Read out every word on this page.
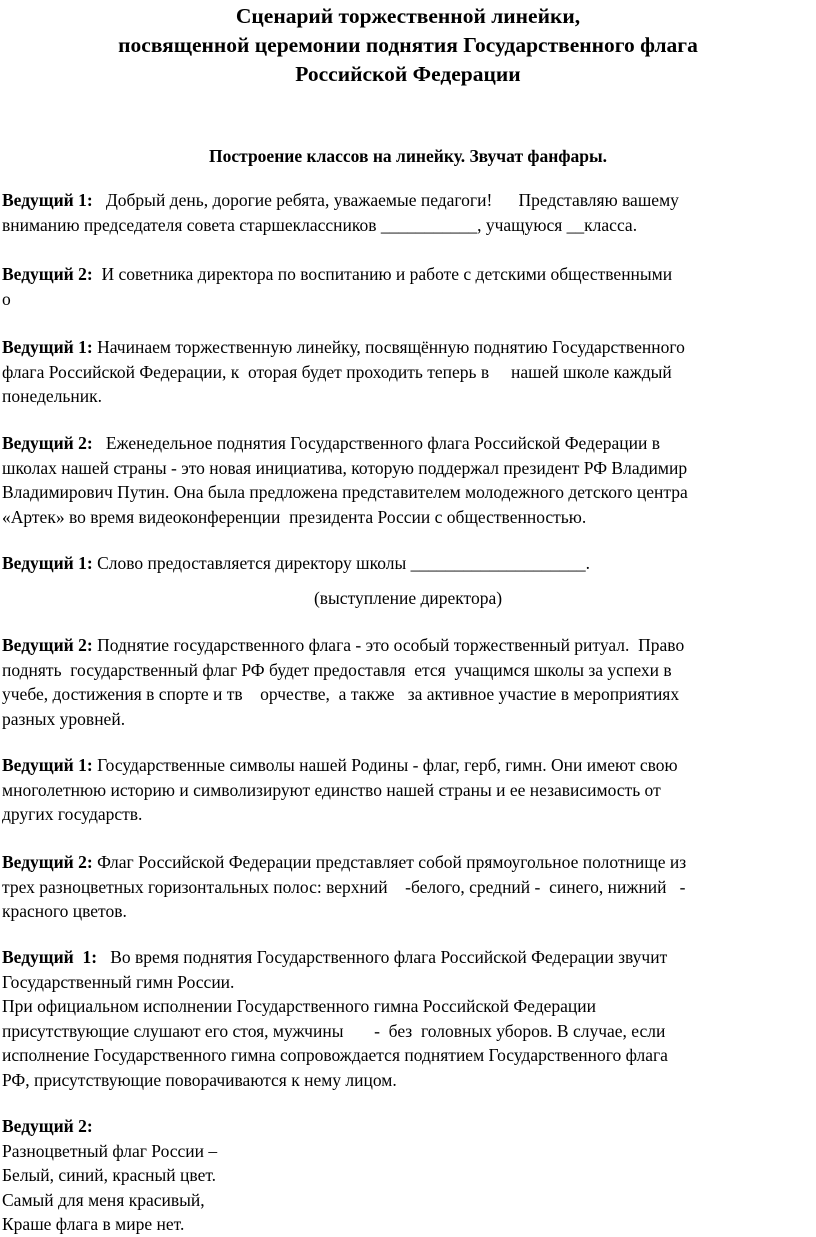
Сценарий торжественной линейки,
посвященной церемонии поднятия Государственного флага
Российской Федерации
Построение классов на линейку. Звучат фанфары.
Ведущий 1:   Добрый день, дорогие ребята, уважаемые педагоги!      Представляю вашему
вниманию председателя совета старшеклассников ___________, учащуюся __класса.
Ведущий 2:  И советника директора по воспитанию и работе с детскими общественными
о
Ведущий 1: Начинаем торжественную линейку, посвящённую поднятию Государственного
флага Российской Федерации, к  оторая будет проходить теперь в     нашей школе каждый
понедельник.
Ведущий 2:   Еженедельное поднятия Государственного флага Российской Федерации в
школах нашей страны - это новая инициатива, которую поддержал президент РФ Владимир
Владимирович Путин. Она была предложена представителем молодежного детского центра
«Артек» во время видеоконференции  президента России с общественностью.
Ведущий 1: Слово предоставляется директору школы ____________________.
(выступление директора)
Ведущий 2: Поднятие государственного флага - это особый торжественный ритуал.  Право
поднять  государственный флаг РФ будет предоставля  ется  учащимся школы за успехи в
учебе, достижения в спорте и тв    орчестве,  а также   за активное участие в мероприятиях
разных уровней.
Ведущий 1: Государственные символы нашей Родины - флаг, герб, гимн. Они имеют свою
многолетнюю историю и символизируют единство нашей страны и ее независимость от
других государств.
Ведущий 2: Флаг Российской Федерации представляет собой прямоугольное полотнище из
трех разноцветных горизонтальных полос: верхний    -белого, средний -  синего, нижний   -
красного цветов.
Ведущий  1:   Во время поднятия Государственного флага Российской Федерации звучит
Государственный гимн России.
При официальном исполнении Государственного гимна Российской Федерации
присутствующие слушают его стоя, мужчины       -  без  головных уборов. В случае, если
исполнение Государственного гимна сопровождается поднятием Государственного флага
РФ, присутствующие поворачиваются к нему лицом.
Ведущий 2:
Разноцветный флаг России –
Белый, синий, красный цвет.
Самый для меня красивый,
Краше флага в мире нет.
